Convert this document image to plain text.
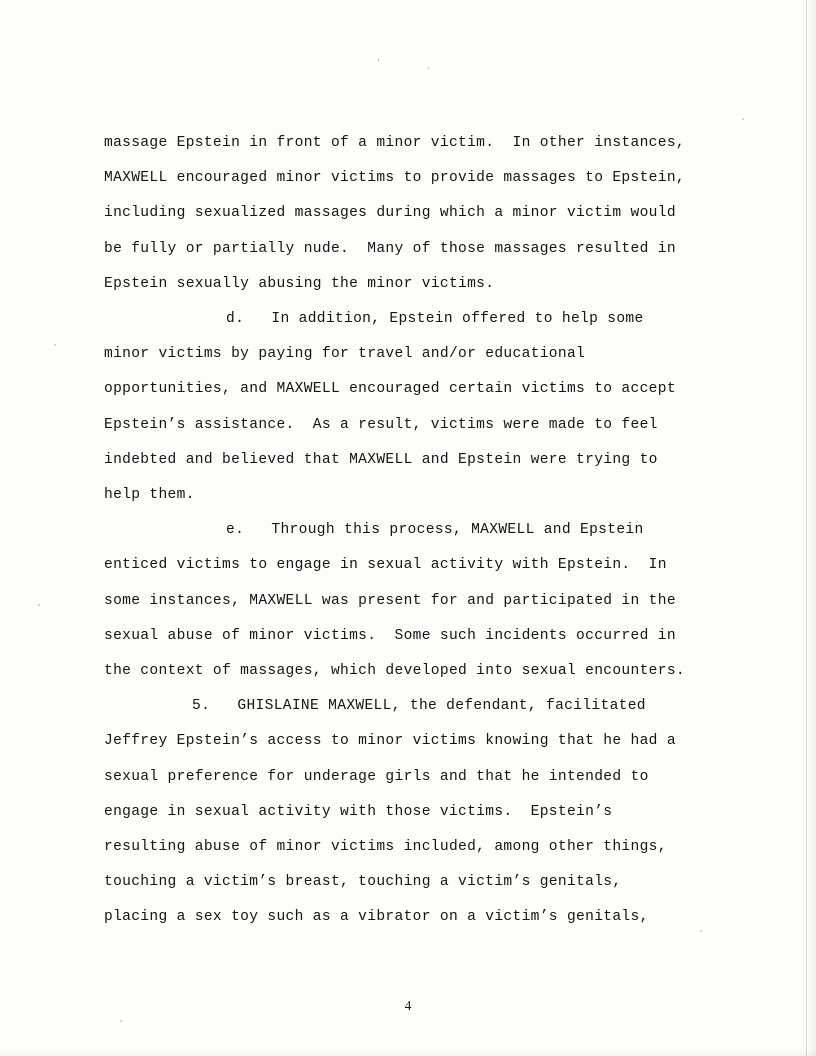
'	.

massage Epstein in front of a minor victim.  In other instances,
MAXWELL encouraged minor victims to provide massages to Epstein,
including sexualized massages during which a minor victim would
be fully or partially nude.  Many of those massages resulted in
Epstein sexually abusing the minor victims.

d. In addition, Epstein offered to help some
minor victims by paying for travel and/or educational
opportunities, and MAXWELL encouraged certain victims to accept
Epstein’s assistance.  As a result, victims were made to feel
indebted and believed that MAXWELL and Epstein were trying to
help them.

e. Through this process, MAXWELL and Epstein
enticed victims to engage in sexual activity with Epstein.  In
some instances, MAXWELL was present for and participated in the
sexual abuse of minor victims.  Some such incidents occurred in
the context of massages, which developed into sexual encounters.

5. GHISLAINE MAXWELL, the defendant, facilitated
Jeffrey Epstein’s access to minor victims knowing that he had a
sexual preference for underage girls and that he intended to
engage in sexual activity with those victims.  Epstein’s
resulting abuse of minor victims included, among other things,
touching a victim’s breast, touching a victim’s genitals,
placing a sex toy such as a vibrator on a victim’s genitals,

4
